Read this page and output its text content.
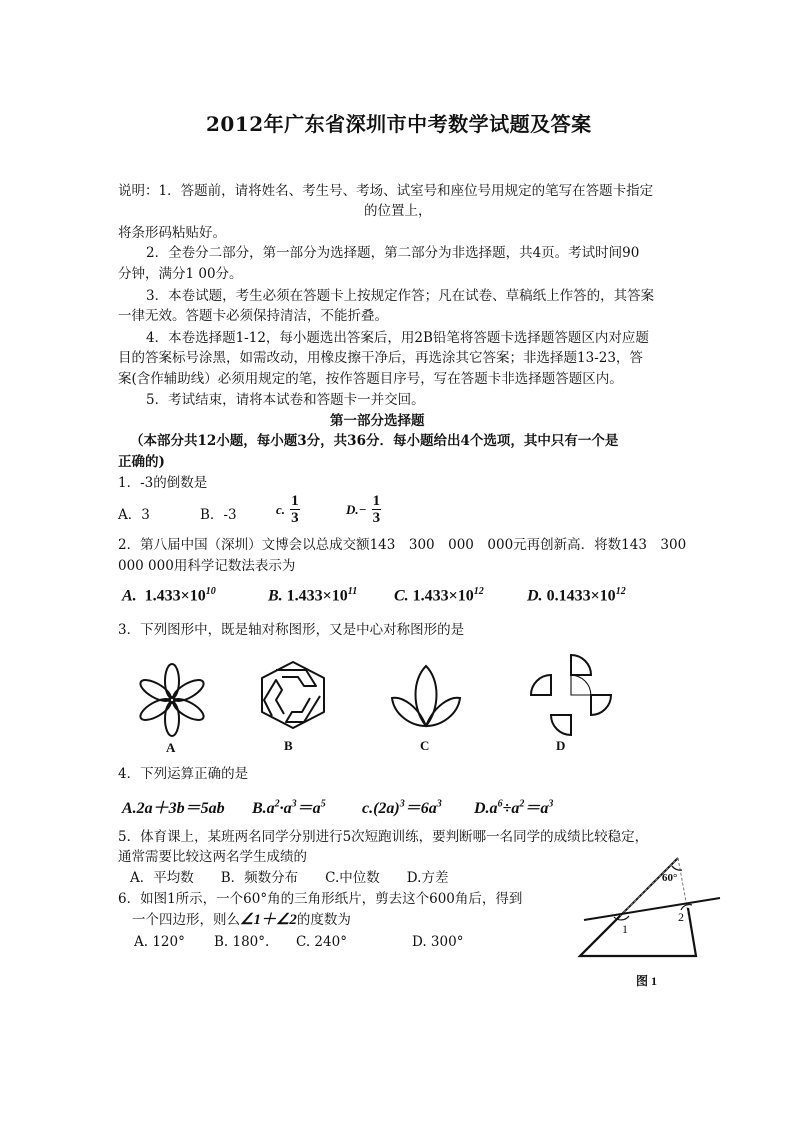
2012年广东省深圳市中考数学试题及答案
说明：1．答题前，请将姓名、考生号、考场、试室号和座位号用规定的笔写在答题卡指定
的位置上，
将条形码粘贴好。
2．全卷分二部分，第一部分为选择题，第二部分为非选择题，共4页。考试时间90
分钟，满分1 00分。
3．本卷试题，考生必须在答题卡上按规定作答；凡在试卷、草稿纸上作答的，其答案
一律无效。答题卡必须保持清洁，不能折叠。
4．本卷选择题1-12，每小题选出答案后，用2B铅笔将答题卡选择题答题区内对应题
目的答案标号涂黑，如需改动，用橡皮擦干净后，再选涂其它答案；非选择题13-23，答
案(含作辅助线）必须用规定的笔，按作答题目序号，写在答题卡非选择题答题区内。
5．考试结束，请将本试卷和答题卡一并交回。
第一部分选择题
（本部分共12小题，每小题3分，共36分．每小题给出4个选项，其中只有一个是
正确的)
1．-3的倒数是
A．3	B．-3	c. $\frac{1}{3}$	$D.- \frac{1}{3}$
2．第八届中国（深圳）文博会以总成交额143　300　000　000元再创新高．将数143　300
000 000用科学记数法表示为
A. $1.433\times 10^{10}$	B. $1.433\times 10^{11}$ C. $1.433\times 10^{12}$	D. $0.1433\times 10^{12}$
3．下列图形中，既是轴对称图形，又是中心对称图形的是
A	B	C	D
4．下列运算正确的是
A.2a＋3b＝5ab $B.a^2\cdot a^3=a^5$ $c.(2a)^3=6a^3$ $D.a^6\div a^2=a^3$
5．体育课上，某班两名同学分别进行5次短跑训练，要判断哪一名同学的成绩比较稳定，
通常需要比较这两名学生成绩的
A．平均数　　B．频数分布　　C.中位数　　D.方差
6．如图1所示，一个60°角的三角形纸片，剪去这个600角后，得到
一个四边形，则么∠1＋∠2的度数为
A. 120° B. 180°. C. 240°	D. 300°
60°
1
2
图 1
